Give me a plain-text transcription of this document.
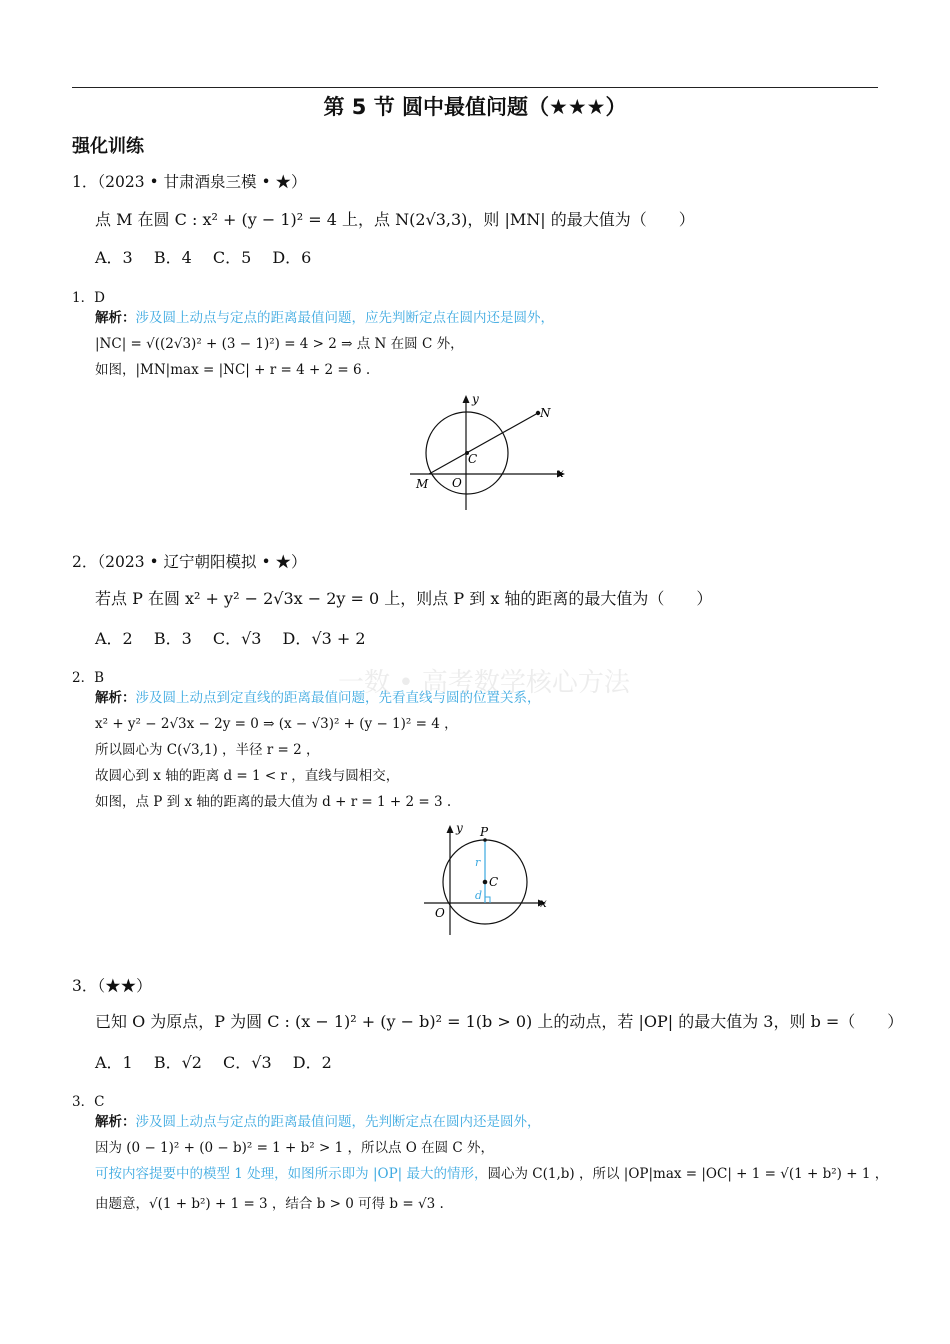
第 5 节 圆中最值问题（★★★）
强化训练
1．（2023 • 甘肃酒泉三模 • ★）
点 M 在圆 C : x² + (y − 1)² = 4 上，点 N(2√3,3)，则 |MN| 的最大值为（　　）
A．3　 B．4　 C．5　 D．6
1．D
解析：涉及圆上动点与定点的距离最值问题，应先判断定点在圆内还是圆外，
|NC| = √((2√3)² + (3 − 1)²) = 4 > 2 ⇒ 点 N 在圆 C 外，
如图，|MN|max = |NC| + r = 4 + 2 = 6 .
y
x
N
C
M O
2．（2023 • 辽宁朝阳模拟 • ★）
若点 P 在圆 x² + y² − 2√3x − 2y = 0 上，则点 P 到 x 轴的距离的最大值为（　　）
A．2　 B．3　 C．√3　 D．√3 + 2
一数 • 高考数学核心方法
2．B
解析：涉及圆上动点到定直线的距离最值问题，先看直线与圆的位置关系，
x² + y² − 2√3x − 2y = 0 ⇒ (x − √3)² + (y − 1)² = 4 ，
所以圆心为 C(√3,1) ，半径 r = 2 ，
故圆心到 x 轴的距离 d = 1 < r ，直线与圆相交，
如图，点 P 到 x 轴的距离的最大值为 d + r = 1 + 2 = 3 .
y
x
P
C
O
r
d
3．（★★）
已知 O 为原点，P 为圆 C : (x − 1)² + (y − b)² = 1(b > 0) 上的动点，若 |OP| 的最大值为 3，则 b =（　　）
A．1　 B．√2　 C．√3　 D．2
3．C
解析：涉及圆上动点与定点的距离最值问题，先判断定点在圆内还是圆外，
因为 (0 − 1)² + (0 − b)² = 1 + b² > 1 ，所以点 O 在圆 C 外，
可按内容提要中的模型 1 处理，如图所示即为 |OP| 最大的情形，圆心为 C(1,b) ，所以 |OP|max = |OC| + 1 = √(1 + b²) + 1 ，
由题意，√(1 + b²) + 1 = 3 ，结合 b > 0 可得 b = √3 .
